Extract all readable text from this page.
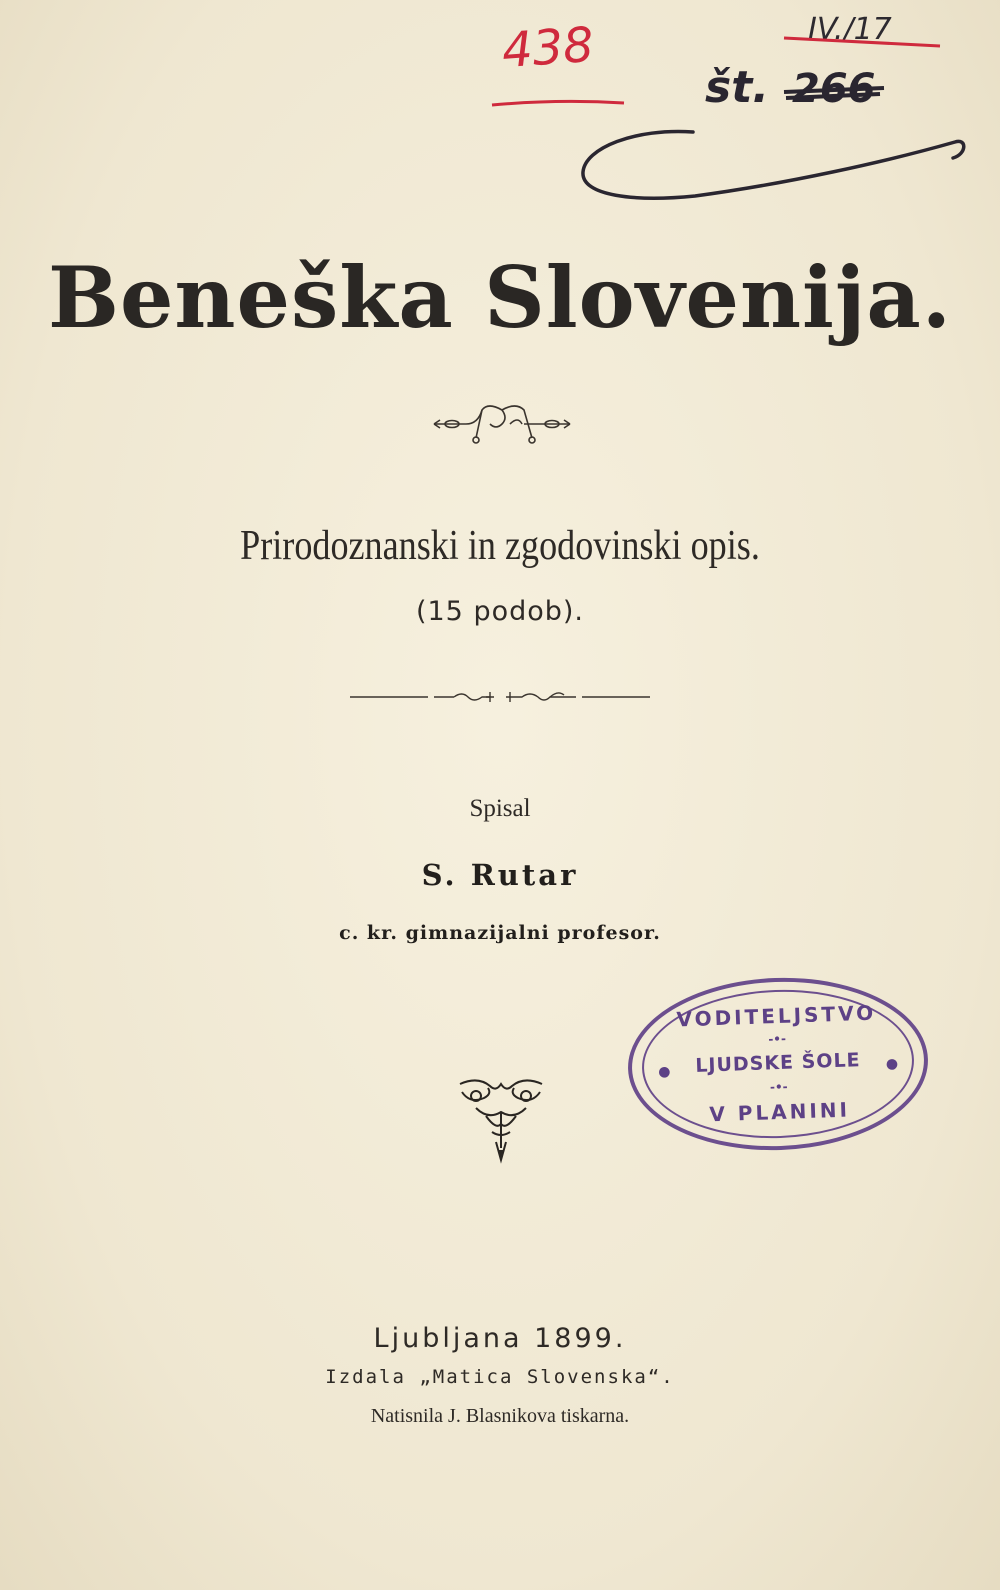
438	IV./17
št. 266
Beneška Slovenija.
Prirodoznanski in zgodovinski opis.
(15 podob).
Spisal
S. Rutar
c. kr. gimnazijalni profesor.
VODITELJSTVO
-•-
LJUDSKE ŠOLE
-•-
V PLANINI
●	●
Ljubljana 1899.
Izdala „Matica Slovenska“.
Natisnila J. Blasnikova tiskarna.
